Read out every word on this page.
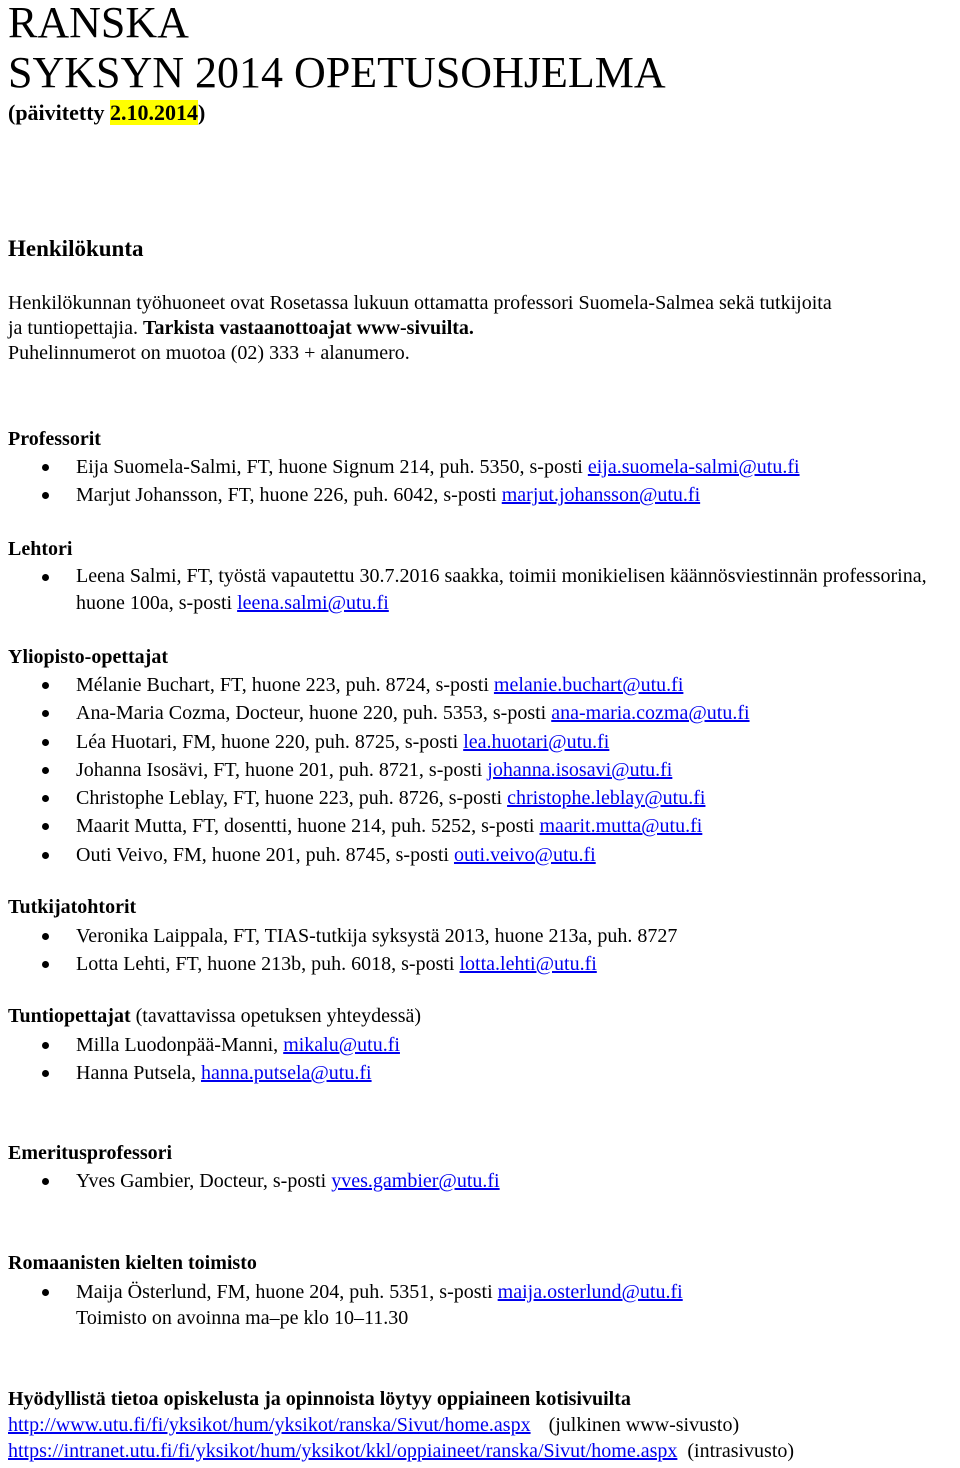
RANSKA
SYKSYN 2014 OPETUSOHJELMA
(päivitetty 2.10.2014)
Henkilökunta

Henkilökunnan työhuoneet ovat Rosetassa lukuun ottamatta professori Suomela-Salmea sekä tutkijoita

ja tuntiopettajia. Tarkista vastaanottoajat www-sivuilta.

Puhelinnumerot on muotoa (02) 333 + alanumero.

Professorit
Eija Suomela-Salmi, FT, huone Signum 214, puh. 5350, s-posti eija.suomela-salmi@utu.fi
Marjut Johansson, FT, huone 226, puh. 6042, s-posti marjut.johansson@utu.fi
Lehtori
Leena Salmi, FT, työstä vapautettu 30.7.2016 saakka, toimii monikielisen käännösviestinnän professorina, huone 100a, s-posti leena.salmi@utu.fi
Yliopisto-opettajat
Mélanie Buchart, FT, huone 223, puh. 8724, s-posti melanie.buchart@utu.fi
Ana-Maria Cozma, Docteur, huone 220, puh. 5353, s-posti ana-maria.cozma@utu.fi
Léa Huotari, FM, huone 220, puh. 8725, s-posti lea.huotari@utu.fi
Johanna Isosävi, FT, huone 201, puh. 8721, s-posti johanna.isosavi@utu.fi
Christophe Leblay, FT, huone 223, puh. 8726, s-posti christophe.leblay@utu.fi
Maarit Mutta, FT, dosentti, huone 214, puh. 5252, s-posti maarit.mutta@utu.fi
Outi Veivo, FM, huone 201, puh. 8745, s-posti outi.veivo@utu.fi
Tutkijatohtorit
Veronika Laippala, FT, TIAS-tutkija syksystä 2013, huone 213a, puh. 8727
Lotta Lehti, FT, huone 213b, puh. 6018, s-posti lotta.lehti@utu.fi
Tuntiopettajat (tavattavissa opetuksen yhteydessä)
Milla Luodonpää-Manni, mikalu@utu.fi
Hanna Putsela, hanna.putsela@utu.fi
Emeritusprofessori
Yves Gambier, Docteur, s-posti yves.gambier@utu.fi
Romaanisten kielten toimisto
Maija Österlund, FM, huone 204, puh. 5351, s-posti maija.osterlund@utu.fi
Toimisto on avoinna ma–pe klo 10–11.30
Hyödyllistä tietoa opiskelusta ja opinnoista löytyy oppiaineen kotisivuilta
http://www.utu.fi/fi/yksikot/hum/yksikot/ranska/Sivut/home.aspx (julkinen www-sivusto)
https://intranet.utu.fi/fi/yksikot/hum/yksikot/kkl/oppiaineet/ranska/Sivut/home.aspx (intrasivusto)
